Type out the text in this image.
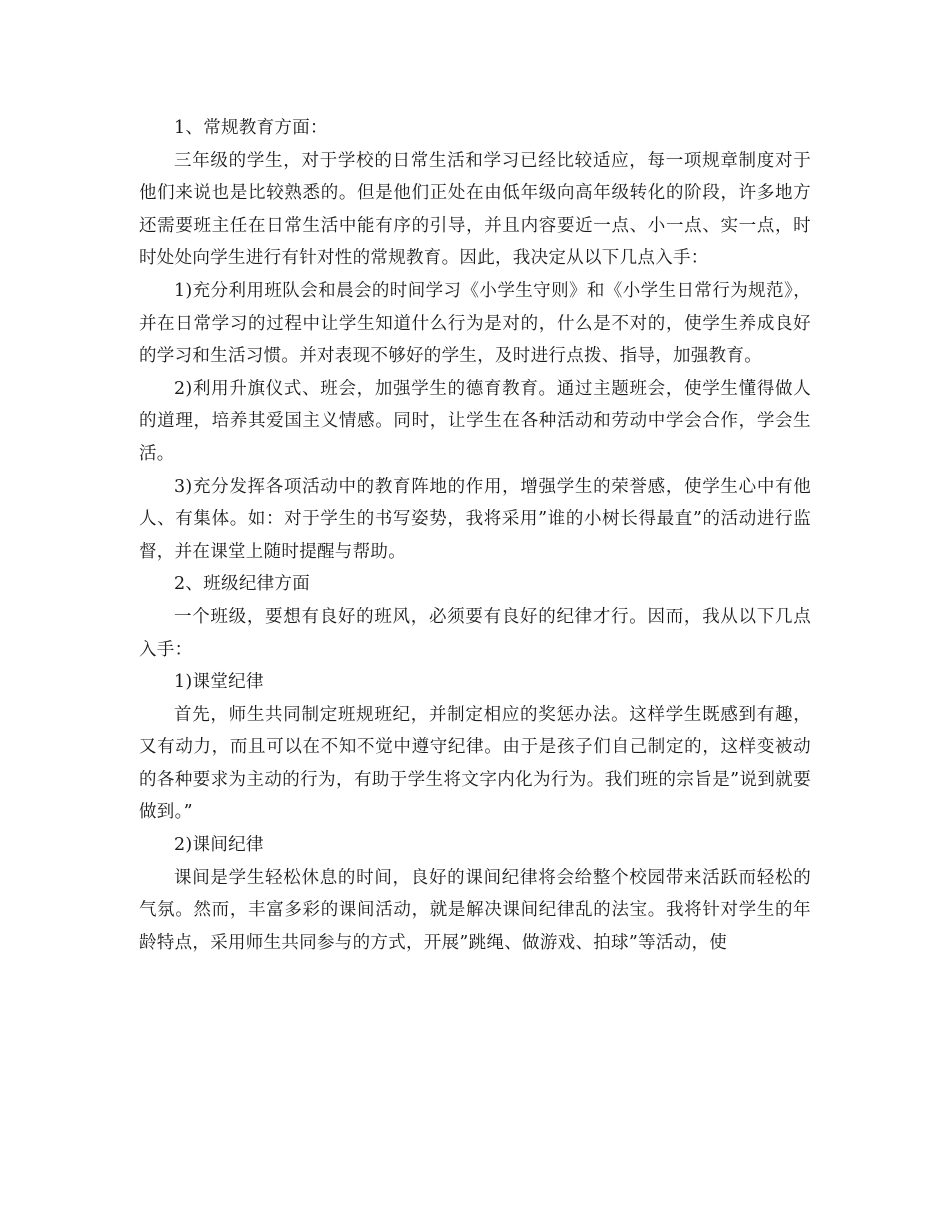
1、常规教育方面：

三年级的学生，对于学校的日常生活和学习已经比较适应，每一项规章制度对于他们来说也是比较熟悉的。但是他们正处在由低年级向高年级转化的阶段，许多地方还需要班主任在日常生活中能有序的引导，并且内容要近一点、小一点、实一点，时时处处向学生进行有针对性的常规教育。因此，我决定从以下几点入手：

1)充分利用班队会和晨会的时间学习《小学生守则》和《小学生日常行为规范》，并在日常学习的过程中让学生知道什么行为是对的，什么是不对的，使学生养成良好的学习和生活习惯。并对表现不够好的学生，及时进行点拨、指导，加强教育。

2)利用升旗仪式、班会，加强学生的德育教育。通过主题班会，使学生懂得做人的道理，培养其爱国主义情感。同时，让学生在各种活动和劳动中学会合作，学会生活。

3)充分发挥各项活动中的教育阵地的作用，增强学生的荣誉感，使学生心中有他人、有集体。如：对于学生的书写姿势，我将采用”谁的小树长得最直”的活动进行监督，并在课堂上随时提醒与帮助。

2、班级纪律方面

一个班级，要想有良好的班风，必须要有良好的纪律才行。因而，我从以下几点入手：

1)课堂纪律

首先，师生共同制定班规班纪，并制定相应的奖惩办法。这样学生既感到有趣，又有动力，而且可以在不知不觉中遵守纪律。由于是孩子们自己制定的，这样变被动的各种要求为主动的行为，有助于学生将文字内化为行为。我们班的宗旨是”说到就要做到。”

2)课间纪律

课间是学生轻松休息的时间，良好的课间纪律将会给整个校园带来活跃而轻松的气氛。然而，丰富多彩的课间活动，就是解决课间纪律乱的法宝。我将针对学生的年龄特点，采用师生共同参与的方式，开展”跳绳、做游戏、拍球”等活动，使
